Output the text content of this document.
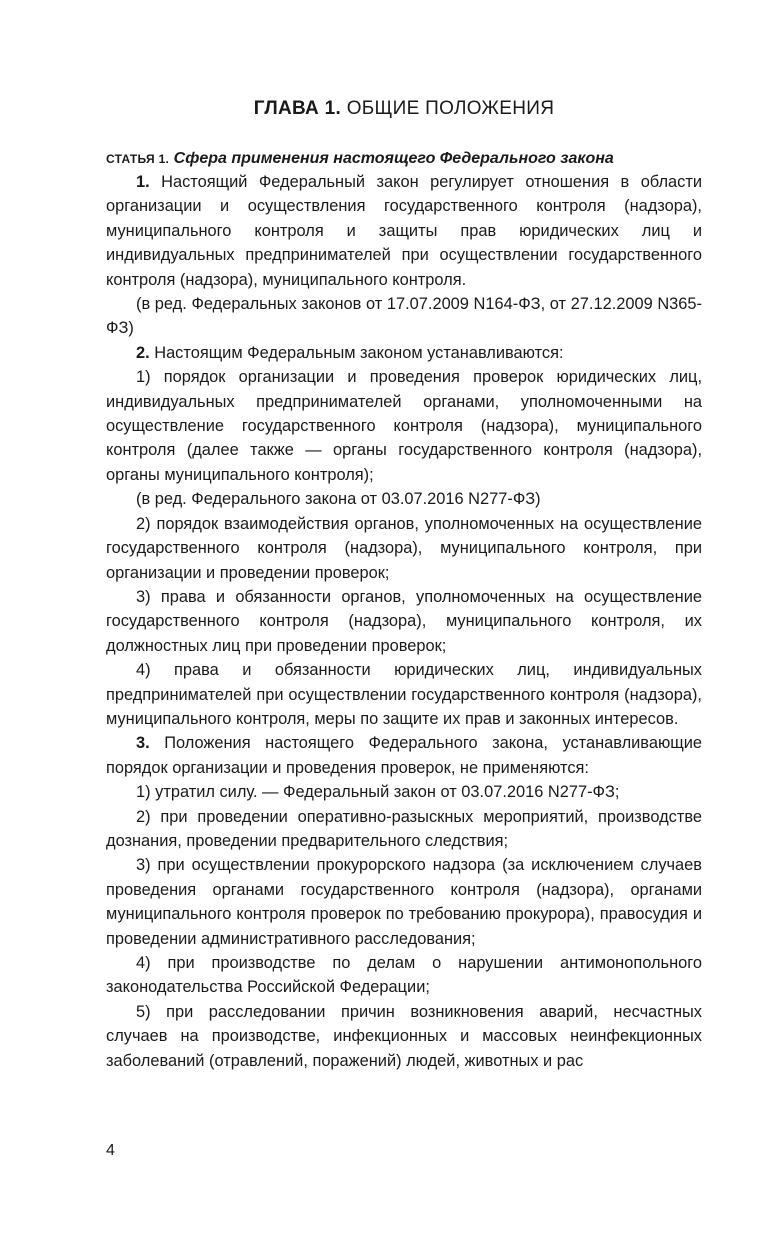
ГЛАВА 1. ОБЩИЕ ПОЛОЖЕНИЯ
СТАТЬЯ 1. Сфера применения настоящего Федерального закона

1. Настоящий Федеральный закон регулирует отношения в области организации и осуществления государственного контроля (надзора), муниципального контроля и защиты прав юридических лиц и индивидуальных предпринимателей при осуществлении государственного контроля (надзора), муниципального контроля.

(в ред. Федеральных законов от 17.07.2009 N164-ФЗ, от 27.12.2009 N365-ФЗ)

2. Настоящим Федеральным законом устанавливаются:

1) порядок организации и проведения проверок юридических лиц, индивидуальных предпринимателей органами, уполномоченными на осуществление государственного контроля (надзора), муниципального контроля (далее также — органы государственного контроля (надзора), органы муниципального контроля);

(в ред. Федерального закона от 03.07.2016 N277-ФЗ)

2) порядок взаимодействия органов, уполномоченных на осуществление государственного контроля (надзора), муниципального контроля, при организации и проведении проверок;

3) права и обязанности органов, уполномоченных на осуществление государственного контроля (надзора), муниципального контроля, их должностных лиц при проведении проверок;

4) права и обязанности юридических лиц, индивидуальных предпринимателей при осуществлении государственного контроля (надзора), муниципального контроля, меры по защите их прав и законных интересов.

3. Положения настоящего Федерального закона, устанавливающие порядок организации и проведения проверок, не применяются:

1) утратил силу. — Федеральный закон от 03.07.2016 N277-ФЗ;

2) при проведении оперативно-разыскных мероприятий, производстве дознания, проведении предварительного следствия;

3) при осуществлении прокурорского надзора (за исключением случаев проведения органами государственного контроля (надзора), органами муниципального контроля проверок по требованию прокурора), правосудия и проведении административного расследования;

4) при производстве по делам о нарушении антимонопольного законодательства Российской Федерации;

5) при расследовании причин возникновения аварий, несчастных случаев на производстве, инфекционных и массовых неинфекционных заболеваний (отравлений, поражений) людей, животных и рас

4
